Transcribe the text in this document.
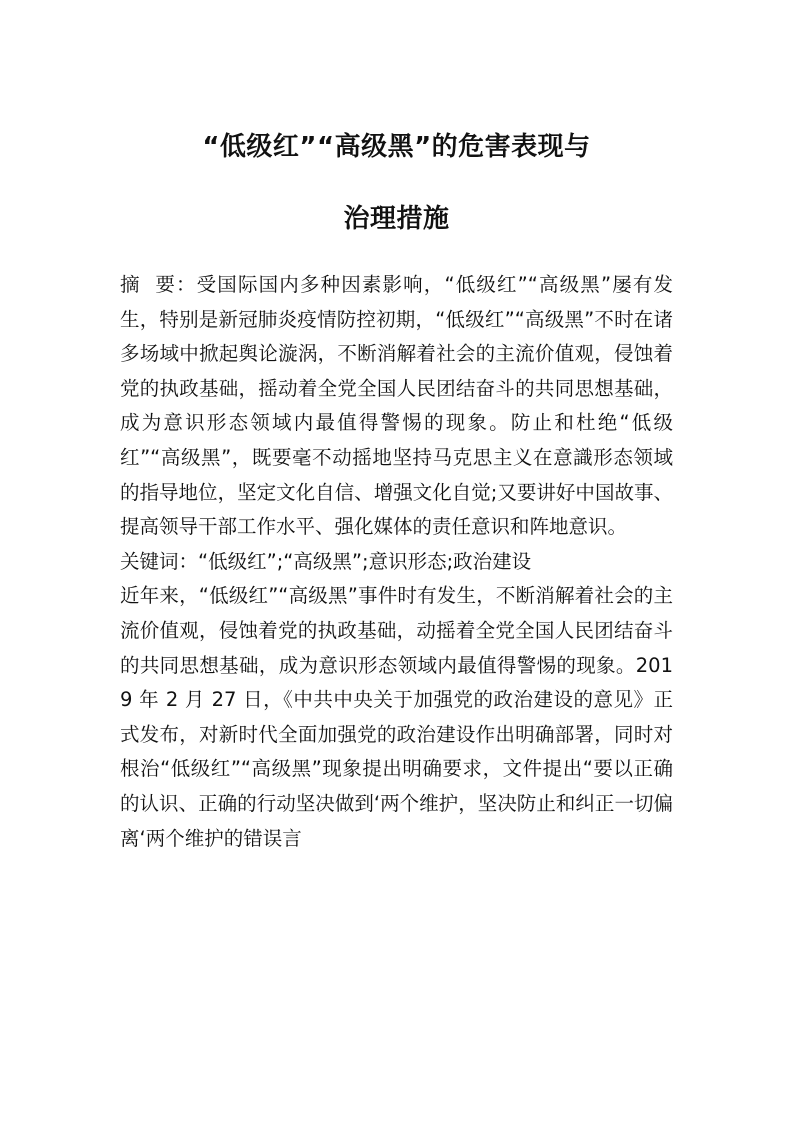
“低级红”“高级黑”的危害表现与
治理措施

摘  要：受国际国内多种因素影响，“低级红”“高级黑”屡有发生，特别是新冠肺炎疫情防控初期，“低级红”“高级黑”不时在诸多场域中掀起舆论漩涡，不断消解着社会的主流价值观，侵蚀着党的执政基础，摇动着全党全国人民团结奋斗的共同思想基础，成为意识形态领域内最值得警惕的现象。防止和杜绝“低级红”“高级黑”，既要毫不动摇地坚持马克思主义在意識形态领域的指导地位，坚定文化自信、增强文化自觉;又要讲好中国故事、提高领导干部工作水平、强化媒体的责任意识和阵地意识。

关键词：“低级红”;“高级黑”;意识形态;政治建设

近年来，“低级红”“高级黑”事件时有发生，不断消解着社会的主流价值观，侵蚀着党的执政基础，动摇着全党全国人民团结奋斗的共同思想基础，成为意识形态领域内最值得警惕的现象。2019 年 2 月 27 日，《中共中央关于加强党的政治建设的意见》正式发布，对新时代全面加强党的政治建设作出明确部署，同时对根治“低级红”“高级黑”现象提出明确要求，文件提出“要以正确的认识、正确的行动坚决做到‘两个维护，坚决防止和纠正一切偏离‘两个维护的错误言
